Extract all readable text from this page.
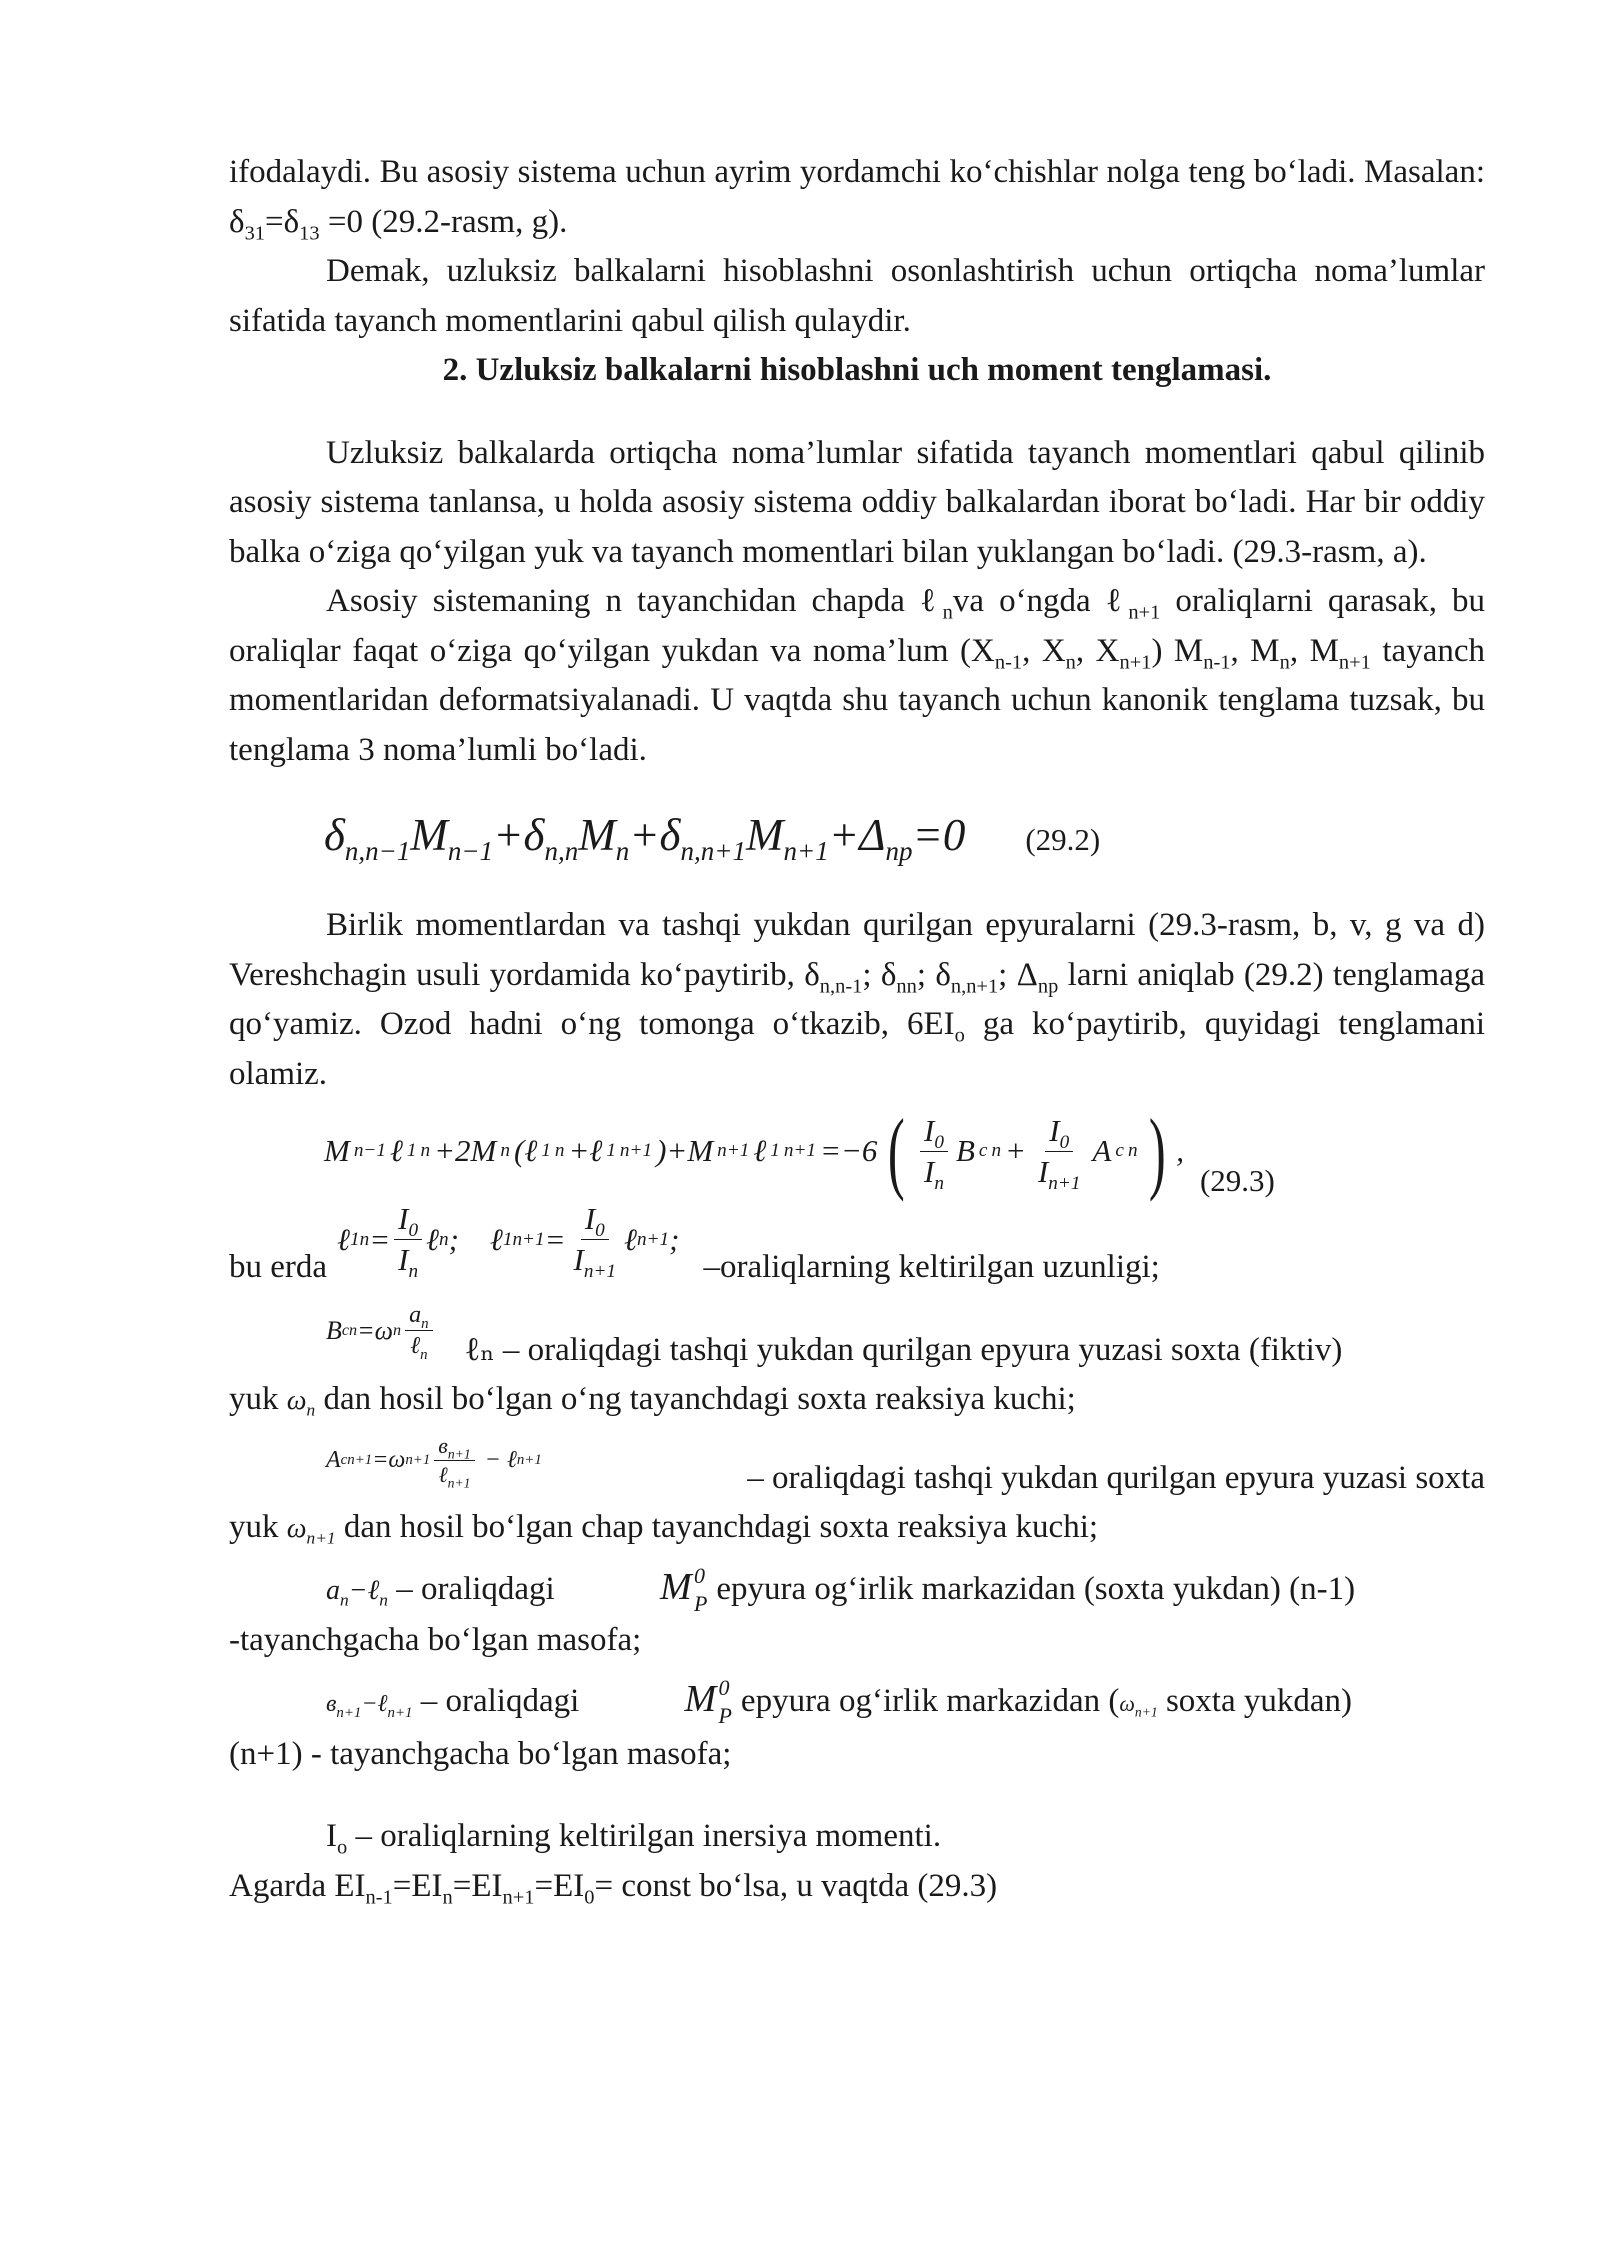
ifodalaydi. Bu asosiy sistema uchun ayrim yordamchi ko‘chishlar nolga teng bo‘ladi. Masalan: $\delta_{31}=\delta_{13} =0$ (29.2-rasm, g).

Demak, uzluksiz balkalarni hisoblashni osonlashtirish uchun ortiqcha noma’lumlar sifatida tayanch momentlarini qabul qilish qulaydir.

2. Uzluksiz balkalarni hisoblashni uch moment tenglamasi.

Uzluksiz balkalarda ortiqcha noma’lumlar sifatida tayanch momentlari qabul qilinib asosiy sistema tanlansa, u holda asosiy sistema oddiy balkalardan iborat bo‘ladi. Har bir oddiy balka o‘ziga qo‘yilgan yuk va tayanch momentlari bilan yuklangan bo‘ladi. (29.3-rasm, a).

Asosiy sistemaning n tayanchidan chapda ℓ$_n$va o‘ngda ℓ$_{n+1}$ oraliqlarni qarasak, bu oraliqlar faqat o‘ziga qo‘yilgan yukdan va noma’lum ($X_{n-1}$, $X_n$, $X_{n+1}$) $M_{n-1}$, $M_n$, $M_{n+1}$ tayanch momentlaridan deformatsiyalanadi. U vaqtda shu tayanch uchun kanonik tenglama tuzsak, bu tenglama 3 noma’lumli bo‘ladi.

$\delta_{n,n-1}M_{n-1}+\delta_{n,n}M_n+\delta_{n,n+1}M_{n+1}+\Delta_{np}=0$ (29.2)

Birlik momentlardan va tashqi yukdan qurilgan epyuralarni (29.3-rasm, b, v, g va d) Vereshchagin usuli yordamida ko‘paytirib, $\delta_{n,n-1}$; $\delta_{nn}$; $\delta_{n,n+1}$; $\Delta_{np}$ larni aniqlab (29.2) tenglamaga qo‘yamiz. Ozod hadni o‘ng tomonga o‘tkazib, $6EI_o$ ga ko‘paytirib, quyidagi tenglamani olamiz.

M n−1 ℓ 1 n +2M n (ℓ 1 n +ℓ 1 n+1 )+M n+1 ℓ 1 n+1 =−6 ( $\frac{I_0}{I_n}$ B c $n + \frac{I_0}{I_{n+1}}$ A c n ) ,
(29.3)
bu erda
ℓ 1 $n = \frac{I_0}{I_n}$ ℓ n ;    ℓ 1 $n+1 = \frac{I_0}{I_{n+1}}$ ℓ n+1 ;
–oraliqlarning keltirilgan uzunligi;
B c n =ω n $\frac{a_n}{\ell_n}$ ℓₙ – oraliqdagi tashqi yukdan qurilgan epyura yuzasi soxta (fiktiv)

yuk $\omega_n$ dan hosil bo‘lgan o‘ng tayanchdagi soxta reaksiya kuchi;

A c n+1 =ω $n+1 \frac{в_{n+1}}{\ell_{n+1}}$ − ℓ n+1	– oraliqdagi tashqi yukdan qurilgan epyura yuzasi soxta

yuk $\omega_{n+1}$ dan hosil bo‘lgan chap tayanchdagi soxta reaksiya kuchi;

$a_n-\ell_n$ – oraliqdagi	M 0
P epyura og‘irlik markazidan (soxta yukdan) (n-1)

-tayanchgacha bo‘lgan masofa;

$в_{n+1}-\ell_{n+1}$ – oraliqdagi	M 0
P epyura og‘irlik markazidan ($\omega_{n+1}$ soxta yukdan)

(n+1) - tayanchgacha bo‘lgan masofa;

$I_o$ – oraliqlarning keltirilgan inersiya momenti.

Agarda $EI_{n-1}=EI_n=EI_{n+1}=EI_0=$ const bo‘lsa, u vaqtda (29.3)
